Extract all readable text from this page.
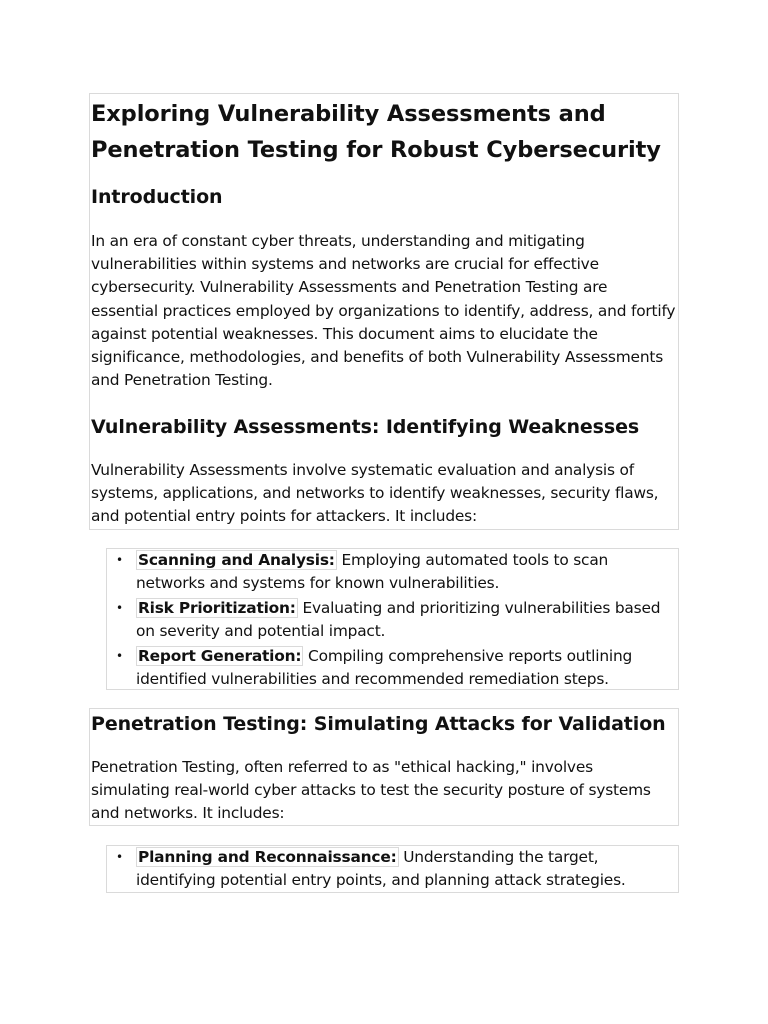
Exploring Vulnerability Assessments and Penetration Testing for Robust Cybersecurity
Introduction

In an era of constant cyber threats, understanding and mitigating vulnerabilities within systems and networks are crucial for effective cybersecurity. Vulnerability Assessments and Penetration Testing are essential practices employed by organizations to identify, address, and fortify against potential weaknesses. This document aims to elucidate the significance, methodologies, and benefits of both Vulnerability Assessments and Penetration Testing.

Vulnerability Assessments: Identifying Weaknesses

Vulnerability Assessments involve systematic evaluation and analysis of systems, applications, and networks to identify weaknesses, security flaws, and potential entry points for attackers. It includes:

• Scanning and Analysis: Employing automated tools to scan networks and systems for known vulnerabilities.
• Risk Prioritization: Evaluating and prioritizing vulnerabilities based on severity and potential impact.
• Report Generation: Compiling comprehensive reports outlining identified vulnerabilities and recommended remediation steps.
Penetration Testing: Simulating Attacks for Validation

Penetration Testing, often referred to as "ethical hacking," involves simulating real-world cyber attacks to test the security posture of systems and networks. It includes:

• Planning and Reconnaissance: Understanding the target, identifying potential entry points, and planning attack strategies.
